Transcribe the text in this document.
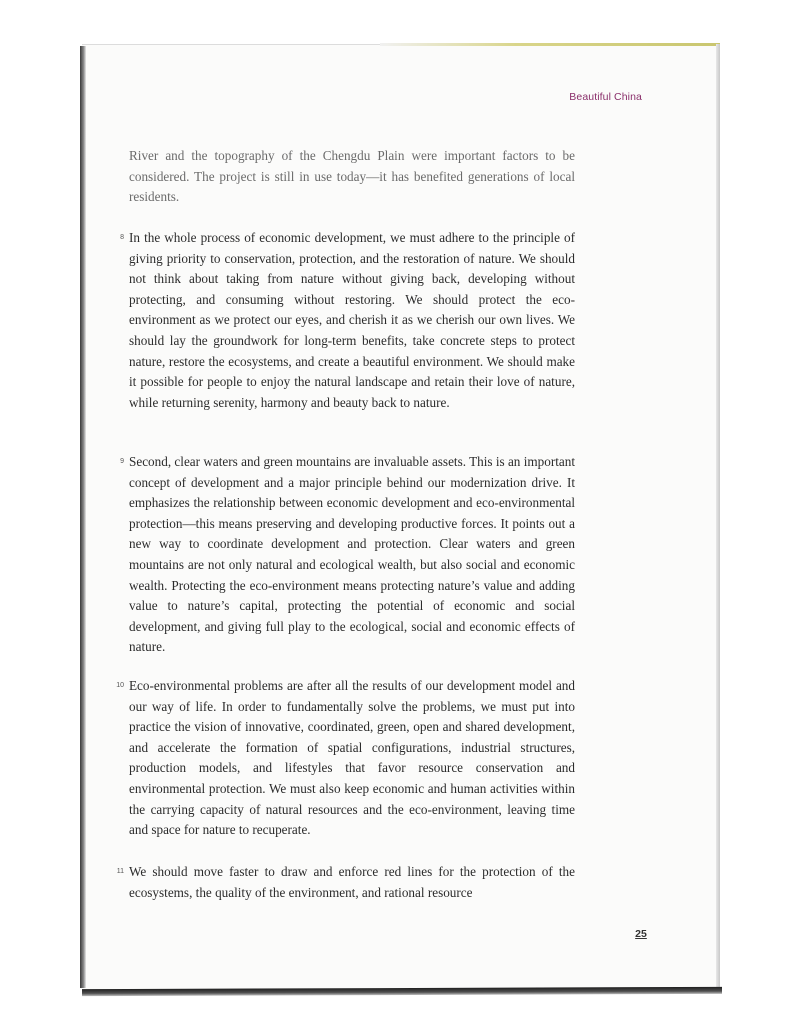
Beautiful China

River and the topography of the Chengdu Plain were important factors to be considered. The project is still in use today—it has benefited generations of local residents.

8 In the whole process of economic development, we must adhere to the principle of giving priority to conservation, protection, and the restoration of nature. We should not think about taking from nature without giving back, developing without protecting, and consuming without restoring. We should protect the eco-environment as we protect our eyes, and cherish it as we cherish our own lives. We should lay the groundwork for long-term benefits, take concrete steps to protect nature, restore the ecosystems, and create a beautiful environment. We should make it possible for people to enjoy the natural landscape and retain their love of nature, while returning serenity, harmony and beauty back to nature.

9 Second, clear waters and green mountains are invaluable assets. This is an important concept of development and a major principle behind our modernization drive. It emphasizes the relationship between economic development and eco-environmental protection—this means preserving and developing productive forces. It points out a new way to coordinate development and protection. Clear waters and green mountains are not only natural and ecological wealth, but also social and economic wealth. Protecting the eco-environment means protecting nature’s value and adding value to nature’s capital, protecting the potential of economic and social development, and giving full play to the ecological, social and economic effects of nature.

10 Eco-environmental problems are after all the results of our development model and our way of life. In order to fundamentally solve the problems, we must put into practice the vision of innovative, coordinated, green, open and shared development, and accelerate the formation of spatial configurations, industrial structures, production models, and lifestyles that favor resource conservation and environmental protection. We must also keep economic and human activities within the carrying capacity of natural resources and the eco-environment, leaving time and space for nature to recuperate.

11 We should move faster to draw and enforce red lines for the protection of the ecosystems, the quality of the environment, and rational resource

25
